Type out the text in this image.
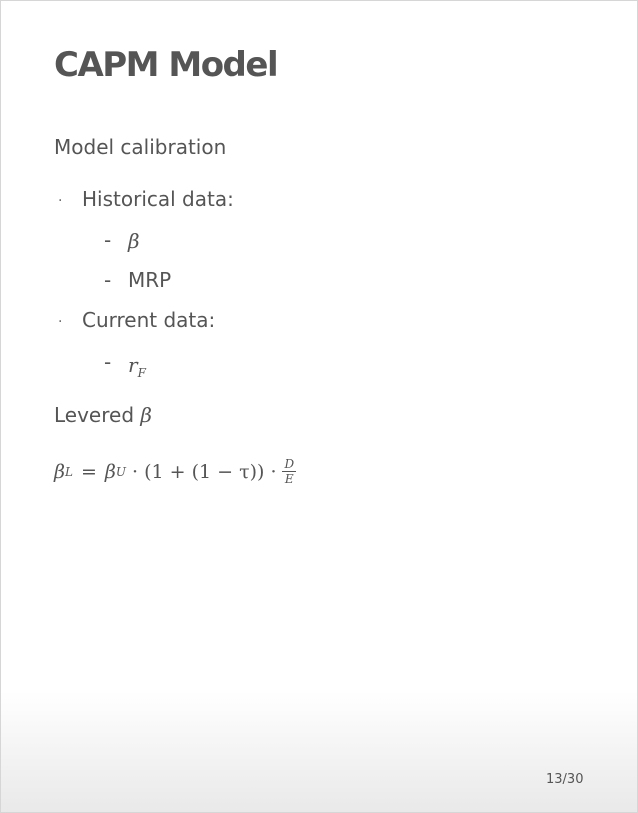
CAPM Model
Model calibration
· Historical data:
- β
- MRP
· Current data:
- $r_F$
Levered β
β L = β $U \cdot (1 + (1 - \tau)) \cdot \frac{D}{E}$
13/30
